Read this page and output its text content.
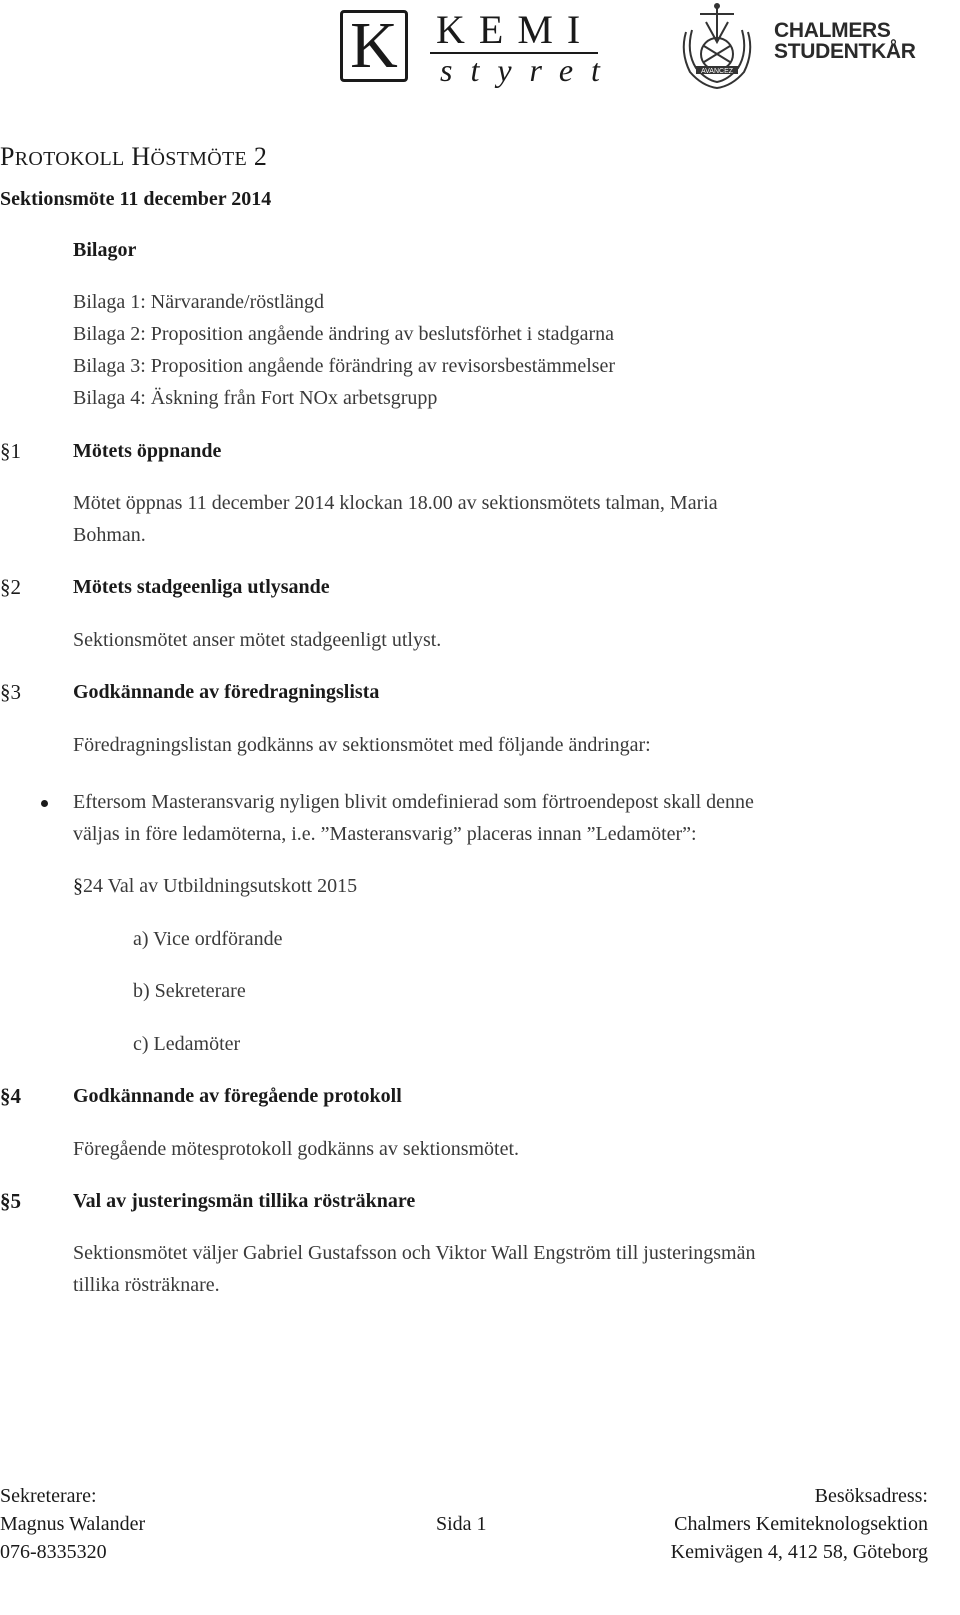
K KEMI
styret	AVANCEZ
CHALMERS
STUDENTKÅR
PROTOKOLL HÖSTMÖTE 2
Sektionsmöte 11 december 2014
Bilagor
Bilaga 1: Närvarande/röstlängd
Bilaga 2: Proposition angående ändring av beslutsförhet i stadgarna
Bilaga 3: Proposition angående förändring av revisorsbestämmelser
Bilaga 4: Äskning från Fort NOx arbetsgrupp
§1	Mötets öppnande
Mötet öppnas 11 december 2014 klockan 18.00 av sektionsmötets talman, Maria
Bohman.
§2	Mötets stadgeenliga utlysande
Sektionsmötet anser mötet stadgeenligt utlyst.
§3	Godkännande av föredragningslista
Föredragningslistan godkänns av sektionsmötet med följande ändringar:
Eftersom Masteransvarig nyligen blivit omdefinierad som förtroendepost skall denne
väljas in före ledamöterna, i.e. ”Masteransvarig” placeras innan ”Ledamöter”:
§24 Val av Utbildningsutskott 2015
a) Vice ordförande
b) Sekreterare
c) Ledamöter
§4	Godkännande av föregående protokoll
Föregående mötesprotokoll godkänns av sektionsmötet.
§5	Val av justeringsmän tillika rösträknare
Sektionsmötet väljer Gabriel Gustafsson och Viktor Wall Engström till justeringsmän
tillika rösträknare.
Sekreterare:
Magnus Walander
076-8335320
Sida 1
Besöksadress:
Chalmers Kemiteknologsektion
Kemivägen 4, 412 58, Göteborg
